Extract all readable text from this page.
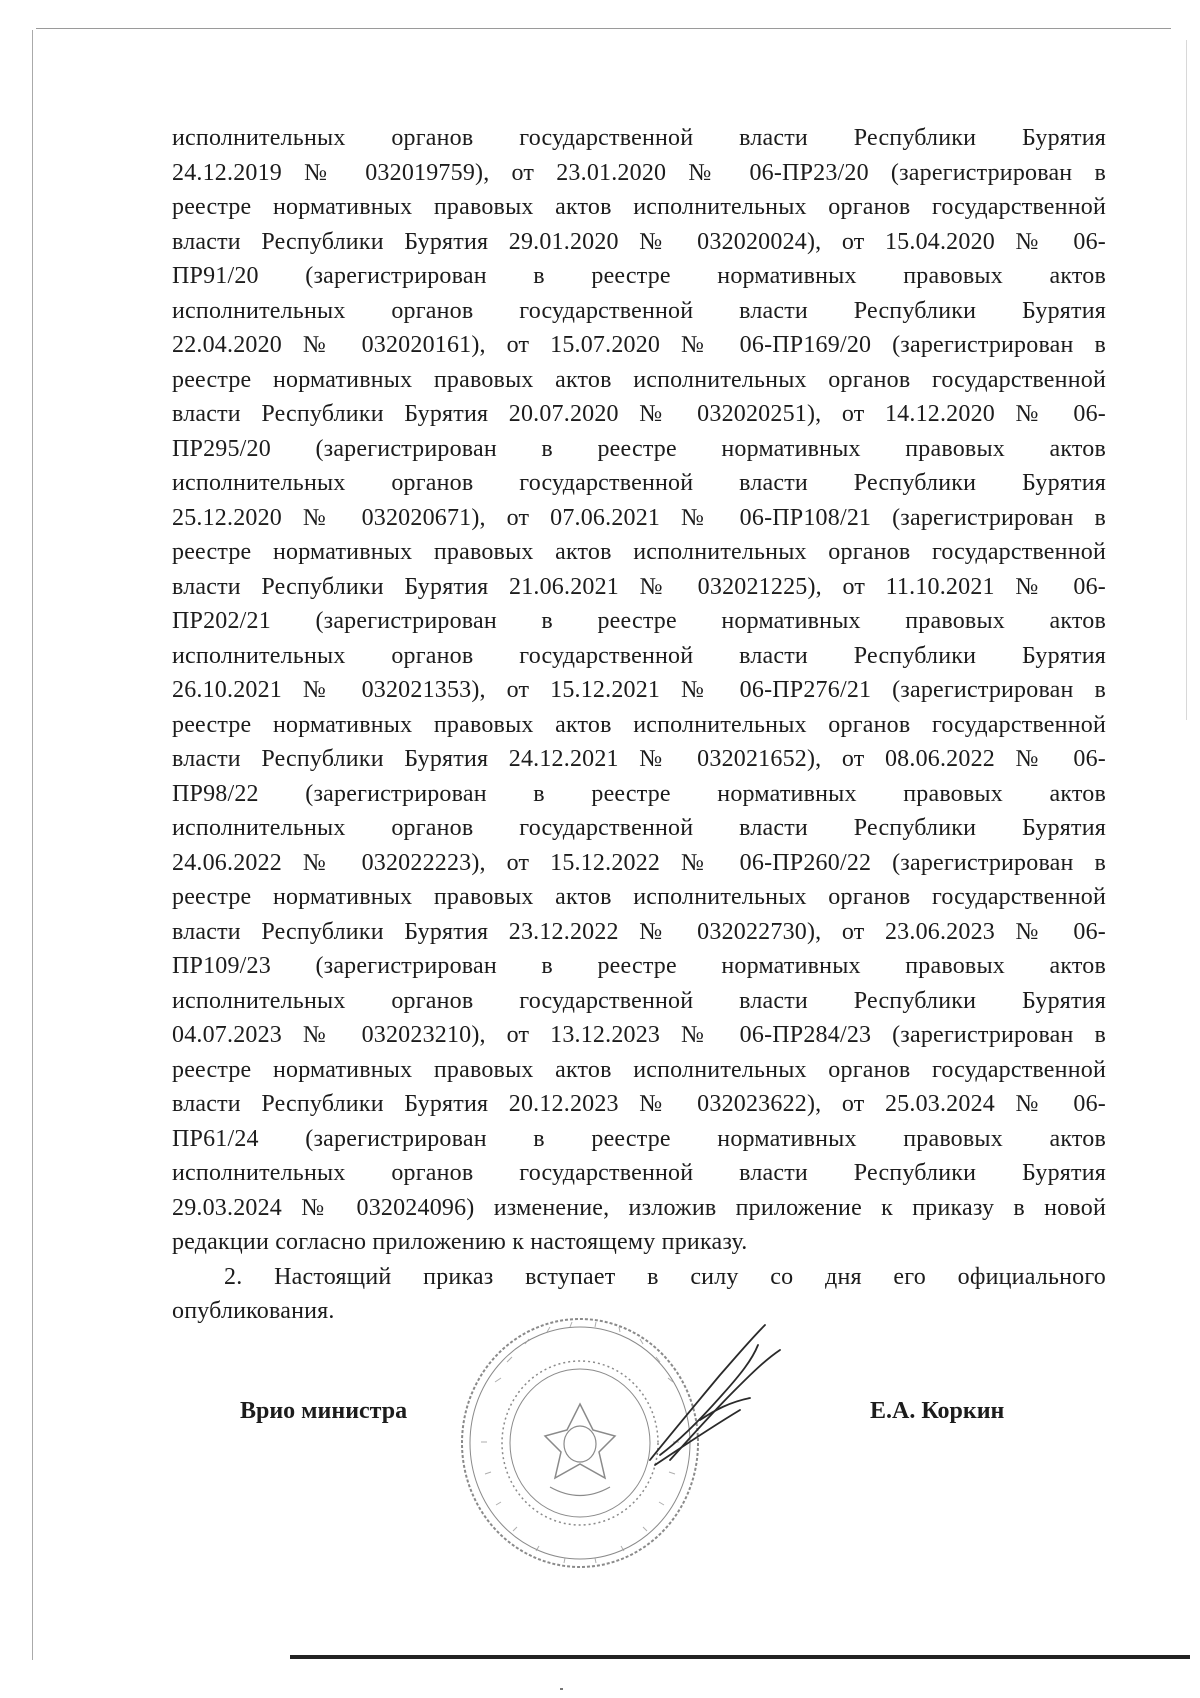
исполнительных органов государственной власти Республики Бурятия
24.12.2019 № 032019759), от 23.01.2020 № 06-ПР23/20 (зарегистрирован в
реестре нормативных правовых актов исполнительных органов государственной
власти Республики Бурятия 29.01.2020 № 032020024), от 15.04.2020 № 06-
ПР91/20 (зарегистрирован в реестре нормативных правовых актов
исполнительных органов государственной власти Республики Бурятия
22.04.2020 № 032020161), от 15.07.2020 № 06-ПР169/20 (зарегистрирован в
реестре нормативных правовых актов исполнительных органов государственной
власти Республики Бурятия 20.07.2020 № 032020251), от 14.12.2020 № 06-
ПР295/20 (зарегистрирован в реестре нормативных правовых актов
исполнительных органов государственной власти Республики Бурятия
25.12.2020 № 032020671), от 07.06.2021 № 06-ПР108/21 (зарегистрирован в
реестре нормативных правовых актов исполнительных органов государственной
власти Республики Бурятия 21.06.2021 № 032021225), от 11.10.2021 № 06-
ПР202/21 (зарегистрирован в реестре нормативных правовых актов
исполнительных органов государственной власти Республики Бурятия
26.10.2021 № 032021353), от 15.12.2021 № 06-ПР276/21 (зарегистрирован в
реестре нормативных правовых актов исполнительных органов государственной
власти Республики Бурятия 24.12.2021 № 032021652), от 08.06.2022 № 06-
ПР98/22 (зарегистрирован в реестре нормативных правовых актов
исполнительных органов государственной власти Республики Бурятия
24.06.2022 № 032022223), от 15.12.2022 № 06-ПР260/22 (зарегистрирован в
реестре нормативных правовых актов исполнительных органов государственной
власти Республики Бурятия 23.12.2022 № 032022730), от 23.06.2023 № 06-
ПР109/23 (зарегистрирован в реестре нормативных правовых актов
исполнительных органов государственной власти Республики Бурятия
04.07.2023 № 032023210), от 13.12.2023 № 06-ПР284/23 (зарегистрирован в
реестре нормативных правовых актов исполнительных органов государственной
власти Республики Бурятия 20.12.2023 № 032023622), от 25.03.2024 № 06-
ПР61/24 (зарегистрирован в реестре нормативных правовых актов
исполнительных органов государственной власти Республики Бурятия
29.03.2024 № 032024096) изменение, изложив приложение к приказу в новой
редакции согласно приложению к настоящему приказу.
2. Настоящий приказ вступает в силу со дня его официального
опубликования.
Врио министра	Е.А. Коркин
